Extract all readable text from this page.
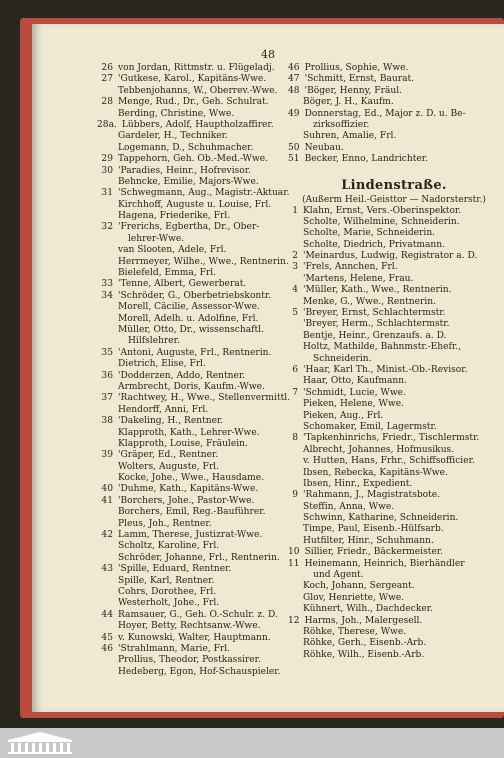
48
26 von Jordan, Rittmstr. u. Flügeladj.
27 'Gutkese, Karol., Kapitäns-Wwe.
Tebbenjohanns, W., Oberrev.-Wwe.
28 Menge, Rud., Dr., Geh. Schulrat.
Berding, Christine, Wwe.
28a. Lübbers, Adolf, Hauptholzaffirer.
Gardeler, H., Techniker.
Logemann, D., Schuhmacher.
29 Tappehorn, Geh. Ob.-Med.-Wwe.
30 'Paradies, Heinr., Hofrevisor.
Behncke, Emilie, Majors-Wwe.
31 'Schwegmann, Aug., Magistr.-Aktuar.
Kirchhoff, Auguste u. Louise, Frl.
Hagena, Friederike, Frl.
32 'Frerichs, Egbertha, Dr., Ober-
lehrer-Wwe.
van Slooten, Adele, Frl.
Herrmeyer, Wilhe., Wwe., Rentnerin.
Bielefeld, Emma, Frl.
33 'Tenne, Albert, Gewerberat.
34 'Schröder, G., Oberbetriebskontr.
Morell, Cäcilie, Assessor-Wwe.
Morell, Adelh. u. Adolfine, Frl.
Müller, Otto, Dr., wissenschaftl.
Hilfslehrer.
35 'Antoni, Auguste, Frl., Rentnerin.
Dietrich, Elise, Frl.
36 'Dodderzen, Addo, Rentner.
Armbrecht, Doris, Kaufm.-Wwe.
37 'Rachtwey, H., Wwe., Stellenvermittl.
Hendorff, Anni, Frl.
38 'Dakeling, H., Rentner.
Klapproth, Kath., Lehrer-Wwe.
Klapproth, Louise, Fräulein.
39 'Gräper, Ed., Rentner.
Wolters, Auguste, Frl.
Kocke, Johe., Wwe., Hausdame.
40 'Duhme, Kath., Kapitäns-Wwe.
41 'Borchers, Johe., Pastor-Wwe.
Borchers, Emil, Reg.-Bauführer.
Pleus, Joh., Rentner.
42 Lamm, Therese, Justizrat-Wwe.
Scholtz, Karoline, Frl.
Schröder, Johanne, Frl., Rentnerin.
43 'Spille, Eduard, Rentner.
Spille, Karl, Rentner.
Cohrs, Dorothee, Frl.
Westerholt, Johe., Frl.
44 Ramsauer, G., Geh. O.-Schulr. z. D.
Hoyer, Betty, Rechtsanw.-Wwe.
45 v. Kunowski, Walter, Hauptmann.
46 'Strahlmann, Marie, Frl.
Prollius, Theodor, Postkassirer.
Hedeberg, Egon, Hof-Schauspieler.
46 Prollius, Sophie, Wwe.
47 'Schmitt, Ernst, Baurat.
48 'Böger, Henny, Fräul.
Böger, J. H., Kaufm.
49 Donnerstag, Ed., Major z. D. u. Be-
zirksoffizier.
Suhren, Amalie, Frl.
50 Neubau.
51 Becker, Enno, Landrichter.
Lindenstraße.
(Außerm Heil.-Geisttor — Nadorsterstr.)
1 Klahn, Ernst, Vers.-Oberinspektor.
Scholte, Wilhelmine, Schneiderin.
Scholte, Marie, Schneiderin.
Scholte, Diedrich, Privatmann.
2 'Meinardus, Ludwig, Registrator a. D.
3 'Frels, Annchen, Frl.
'Martens, Helene, Frau.
4 'Müller, Kath., Wwe., Rentnerin.
Menke, G., Wwe., Rentnerin.
5 'Breyer, Ernst, Schlachtermstr.
'Breyer, Herm., Schlachtermstr.
Bentje, Heinr., Grenzaufs. a. D.
Holtz, Mathilde, Bahnmstr.-Ehefr.,
Schneiderin.
6 'Haar, Karl Th., Minist.-Ob.-Revisor.
Haar, Otto, Kaufmann.
7 'Schmidt, Lucie, Wwe.
Pieken, Helene, Wwe.
Pieken, Aug., Frl.
Schomaker, Emil, Lagermstr.
8 'Tapkenhinrichs, Friedr., Tischlermstr.
Albrecht, Johannes, Hofmusikus.
v. Hutten, Hans, Frhr., Schiffsofficier.
Ibsen, Rebecka, Kapitäns-Wwe.
Ibsen, Hinr., Expedient.
9 'Rahmann, J., Magistratsbote.
Steffin, Anna, Wwe.
Schwinn, Katharine, Schneiderin.
Timpe, Paul, Eisenb.-Hülfsarb.
Hutfilter, Hinr., Schuhmann.
10 Sillier, Friedr., Bäckermeister.
11 Heinemann, Heinrich, Bierhändler
und Agent.
Koch, Johann, Sergeant.
Glov, Henriette, Wwe.
Kühnert, Wilh., Dachdecker.
12 Harms, Joh., Malergesell.
Röhke, Therese, Wwe.
Röhke, Gerh., Eisenb.-Arb.
Röhke, Wilh., Eisenb.-Arb.
